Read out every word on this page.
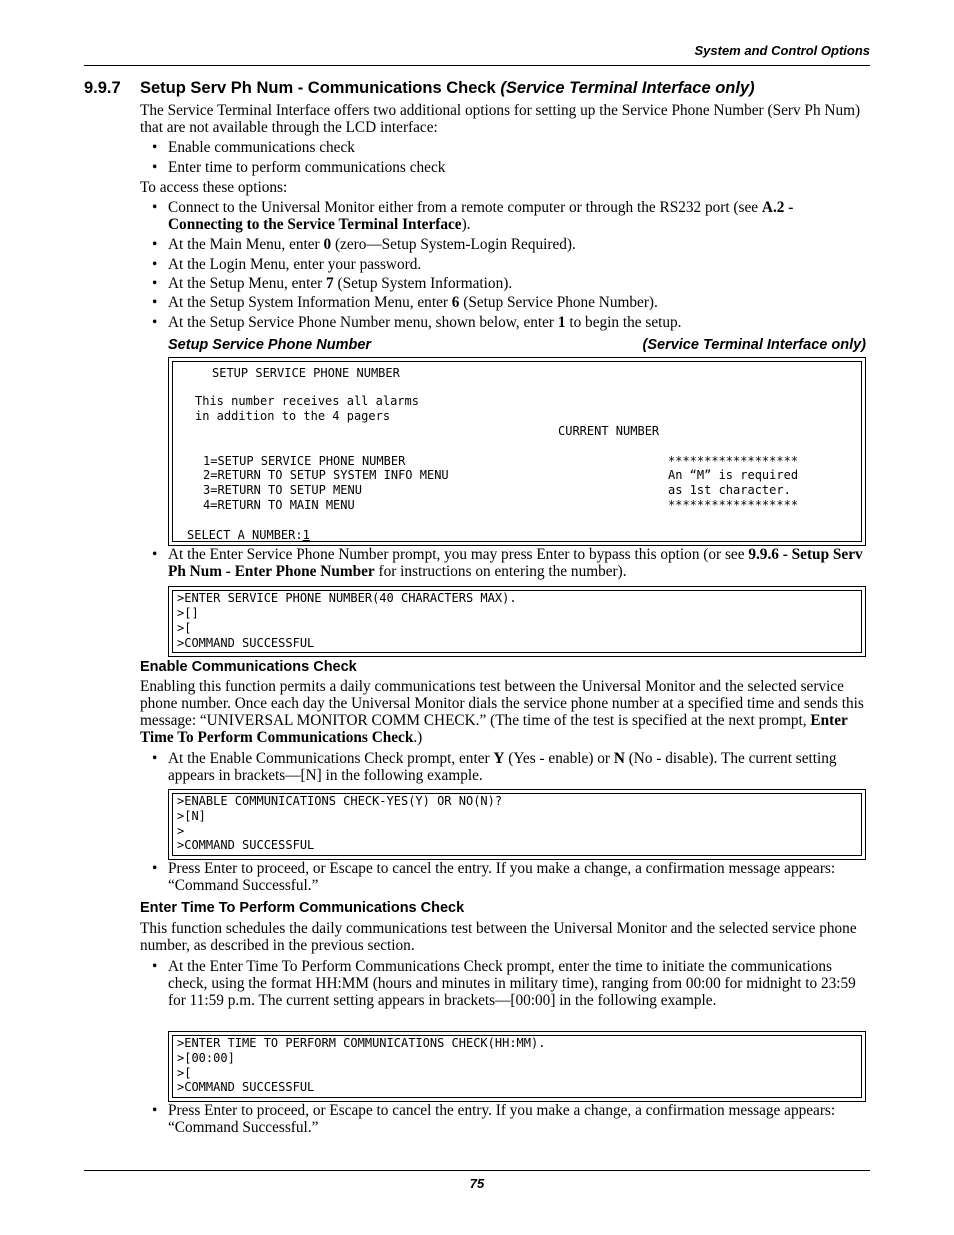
System and Control Options
9.9.7 Setup Serv Ph Num - Communications Check (Service Terminal Interface only)
The Service Terminal Interface offers two additional options for setting up the Service Phone Number (Serv Ph Num) that are not available through the LCD interface:
• Enable communications check
• Enter time to perform communications check
To access these options:
• Connect to the Universal Monitor either from a remote computer or through the RS232 port (see A.2 - Connecting to the Service Terminal Interface).
• At the Main Menu, enter 0 (zero—Setup System-Login Required).
• At the Login Menu, enter your password.
• At the Setup Menu, enter 7 (Setup System Information).
• At the Setup System Information Menu, enter 6 (Setup Service Phone Number).
• At the Setup Service Phone Number menu, shown below, enter 1 to begin the setup.
Setup Service Phone Number	(Service Terminal Interface only)
SETUP SERVICE PHONE NUMBER
This number receives all alarms
in addition to the 4 pagers
CURRENT NUMBER
1=SETUP SERVICE PHONE NUMBER
2=RETURN TO SETUP SYSTEM INFO MENU
3=RETURN TO SETUP MENU
4=RETURN TO MAIN MENU
******************
An “M” is required
as 1st character.
******************
SELECT A NUMBER:1
• At the Enter Service Phone Number prompt, you may press Enter to bypass this option (or see 9.9.6 - Setup Serv Ph Num - Enter Phone Number for instructions on entering the number).
>ENTER SERVICE PHONE NUMBER(40 CHARACTERS MAX).
>[]
>[
>COMMAND SUCCESSFUL
Enable Communications Check
Enabling this function permits a daily communications test between the Universal Monitor and the selected service phone number. Once each day the Universal Monitor dials the service phone number at a specified time and sends this message: “UNIVERSAL MONITOR COMM CHECK.” (The time of the test is specified at the next prompt, Enter Time To Perform Communications Check.)
• At the Enable Communications Check prompt, enter Y (Yes - enable) or N (No - disable). The current setting appears in brackets—[N] in the following example.
>ENABLE COMMUNICATIONS CHECK-YES(Y) OR NO(N)?
>[N]
>
>COMMAND SUCCESSFUL
• Press Enter to proceed, or Escape to cancel the entry. If you make a change, a confirmation message appears: “Command Successful.”
Enter Time To Perform Communications Check
This function schedules the daily communications test between the Universal Monitor and the selected service phone number, as described in the previous section.
• At the Enter Time To Perform Communications Check prompt, enter the time to initiate the communications check, using the format HH:MM (hours and minutes in military time), ranging from 00:00 for midnight to 23:59 for 11:59 p.m. The current setting appears in brackets—[00:00] in the following example.
>ENTER TIME TO PERFORM COMMUNICATIONS CHECK(HH:MM).
>[00:00]
>[
>COMMAND SUCCESSFUL
• Press Enter to proceed, or Escape to cancel the entry. If you make a change, a confirmation message appears: “Command Successful.”
75
